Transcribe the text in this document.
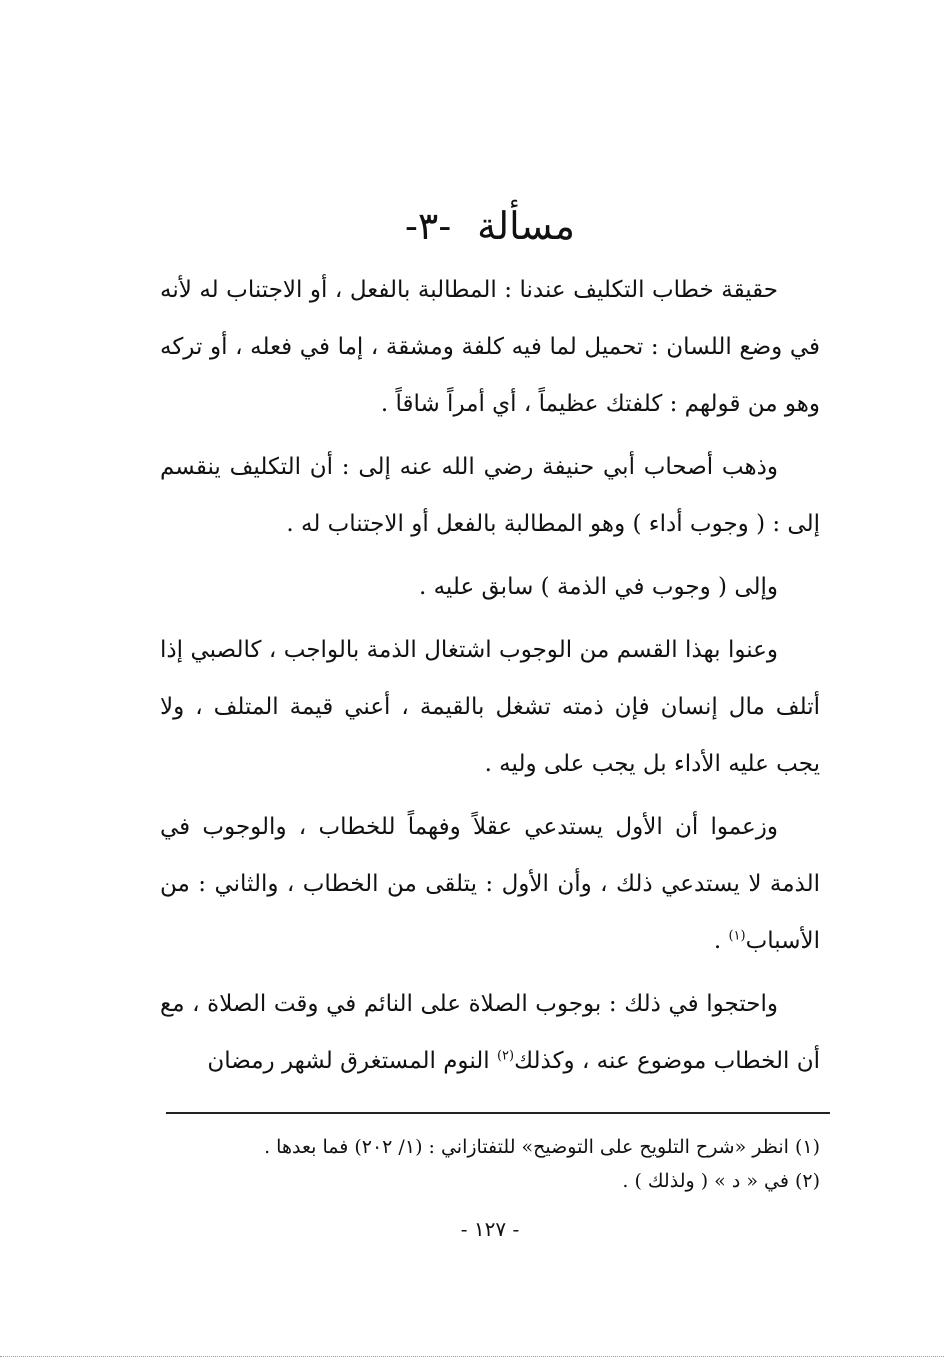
مسألة-٣-

حقيقة خطاب التكليف عندنا : المطالبة بالفعل ، أو الاجتناب له لأنه في وضع اللسان : تحميل لما فيه كلفة ومشقة ، إما في فعله ، أو تركه وهو من قولهم : كلفتك عظيماً ، أي أمراً شاقاً .

وذهب أصحاب أبي حنيفة رضي الله عنه إلى : أن التكليف ينقسم إلى : ( وجوب أداء ) وهو المطالبة بالفعل أو الاجتناب له .

وإلى ( وجوب في الذمة ) سابق عليه .

وعنوا بهذا القسم من الوجوب اشتغال الذمة بالواجب ، كالصبي إذا أتلف مال إنسان فإن ذمته تشغل بالقيمة ، أعني قيمة المتلف ، ولا يجب عليه الأداء بل يجب على وليه .

وزعموا أن الأول يستدعي عقلاً وفهماً للخطاب ، والوجوب في الذمة لا يستدعي ذلك ، وأن الأول : يتلقى من الخطاب ، والثاني : من الأسباب$^{(١)}$ .

واحتجوا في ذلك : بوجوب الصلاة على النائم في وقت الصلاة ، مع أن الخطاب موضوع عنه ، وكذلك$^{(٢)}$ النوم المستغرق لشهر رمضان

(١) انظر «شرح التلويح على التوضيح» للتفتازاني : (١/ ٢٠٢) فما بعدها .

(٢) في « د » ( ولذلك ) .

- ١٢٧ -
